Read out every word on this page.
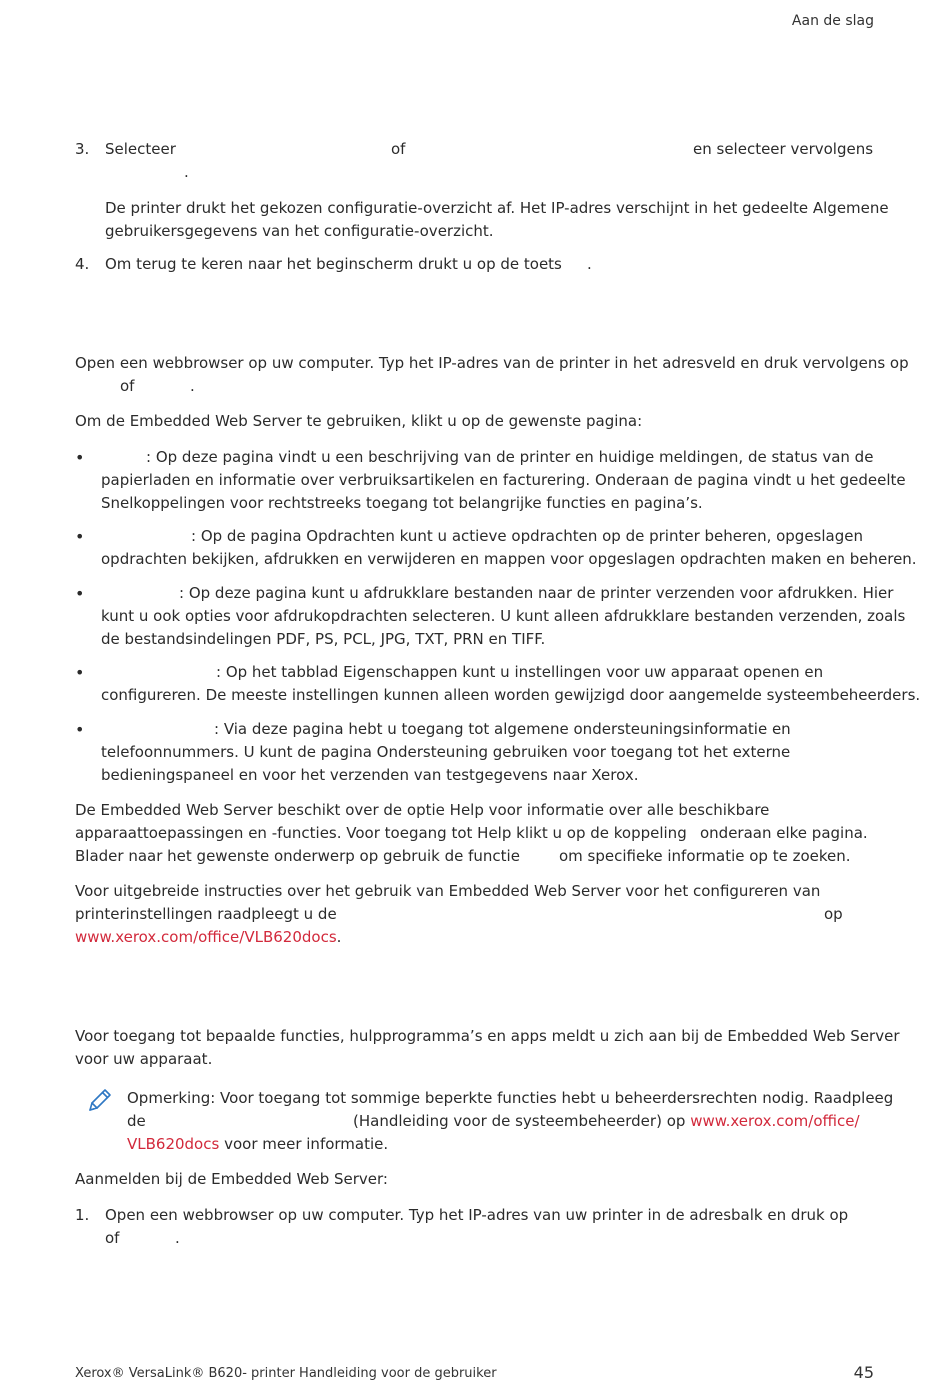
Aan de slag
3. Selecteer	of	en selecteer vervolgens
.
De printer drukt het gekozen configuratie-overzicht af. Het IP-adres verschijnt in het gedeelte Algemene
gebruikersgegevens van het configuratie-overzicht.
4. Om terug te keren naar het beginscherm drukt u op de toets .
Open een webbrowser op uw computer. Typ het IP-adres van de printer in het adresveld en druk vervolgens op
of	.
Om de Embedded Web Server te gebruiken, klikt u op de gewenste pagina:
•	: Op deze pagina vindt u een beschrijving van de printer en huidige meldingen, de status van de
papierladen en informatie over verbruiksartikelen en facturering. Onderaan de pagina vindt u het gedeelte
Snelkoppelingen voor rechtstreeks toegang tot belangrijke functies en pagina’s.
•	: Op de pagina Opdrachten kunt u actieve opdrachten op de printer beheren, opgeslagen
opdrachten bekijken, afdrukken en verwijderen en mappen voor opgeslagen opdrachten maken en beheren.
•	: Op deze pagina kunt u afdrukklare bestanden naar de printer verzenden voor afdrukken. Hier
kunt u ook opties voor afdrukopdrachten selecteren. U kunt alleen afdrukklare bestanden verzenden, zoals
de bestandsindelingen PDF, PS, PCL, JPG, TXT, PRN en TIFF.
•	: Op het tabblad Eigenschappen kunt u instellingen voor uw apparaat openen en
configureren. De meeste instellingen kunnen alleen worden gewijzigd door aangemelde systeembeheerders.
•	: Via deze pagina hebt u toegang tot algemene ondersteuningsinformatie en
telefoonnummers. U kunt de pagina Ondersteuning gebruiken voor toegang tot het externe
bedieningspaneel en voor het verzenden van testgegevens naar Xerox.
De Embedded Web Server beschikt over de optie Help voor informatie over alle beschikbare
apparaattoepassingen en -functies. Voor toegang tot Help klikt u op de koppeling onderaan elke pagina.
Blader naar het gewenste onderwerp op gebruik de functie	om specifieke informatie op te zoeken.
Voor uitgebreide instructies over het gebruik van Embedded Web Server voor het configureren van
printerinstellingen raadpleegt u de	op
www.xerox.com/office/VLB620docs.
Voor toegang tot bepaalde functies, hulpprogramma’s en apps meldt u zich aan bij de Embedded Web Server
voor uw apparaat.
Opmerking: Voor toegang tot sommige beperkte functies hebt u beheerdersrechten nodig. Raadpleeg
de	(Handleiding voor de systeembeheerder) op www.xerox.com/office/
VLB620docs voor meer informatie.
Aanmelden bij de Embedded Web Server:
1. Open een webbrowser op uw computer. Typ het IP-adres van uw printer in de adresbalk en druk op
of	.
Xerox® VersaLink® B620- printer Handleiding voor de gebruiker	45
